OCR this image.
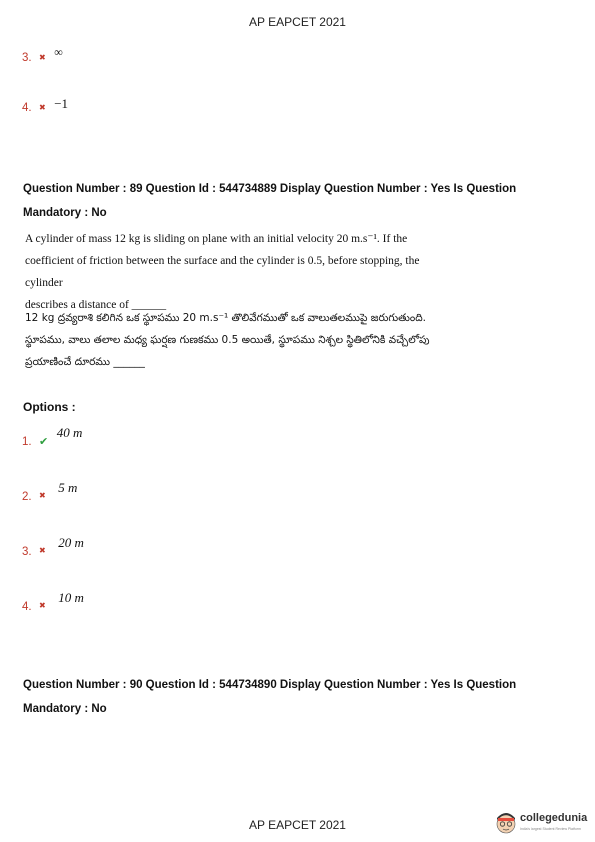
AP EAPCET 2021
3. ✖ ∞
4. ✖ −1
Question Number : 89 Question Id : 544734889 Display Question Number : Yes Is Question
Mandatory : No
A cylinder of mass 12 kg is sliding on plane with an initial velocity 20 m.s⁻¹. If the
coefficient of friction between the surface and the cylinder is 0.5, before stopping, the cylinder
describes a distance of ______
12 kg ద్రవ్యరాశి కలిగిన ఒక స్థూపము 20 m.s⁻¹ తొలివేగముతో ఒక వాలుతలముపై జరుగుతుంది.
స్థూపము, వాలు తలాల మధ్య ఘర్షణ గుణకము 0.5 అయితే, స్థూపము నిశ్చల స్థితిలోనికి వచ్చేలోపు
ప్రయాణించే దూరము ______
Options :
$_{1.}$ $_✔$ 40 m
$_{2.}$ $_✖$ 5 m
$_{3.}$ $_✖$ 20 m
$_{4.}$ $_✖$ 10 m
Question Number : 90 Question Id : 544734890 Display Question Number : Yes Is Question
Mandatory : No
AP EAPCET 2021	collegedunia
India's largest Student Review Platform
